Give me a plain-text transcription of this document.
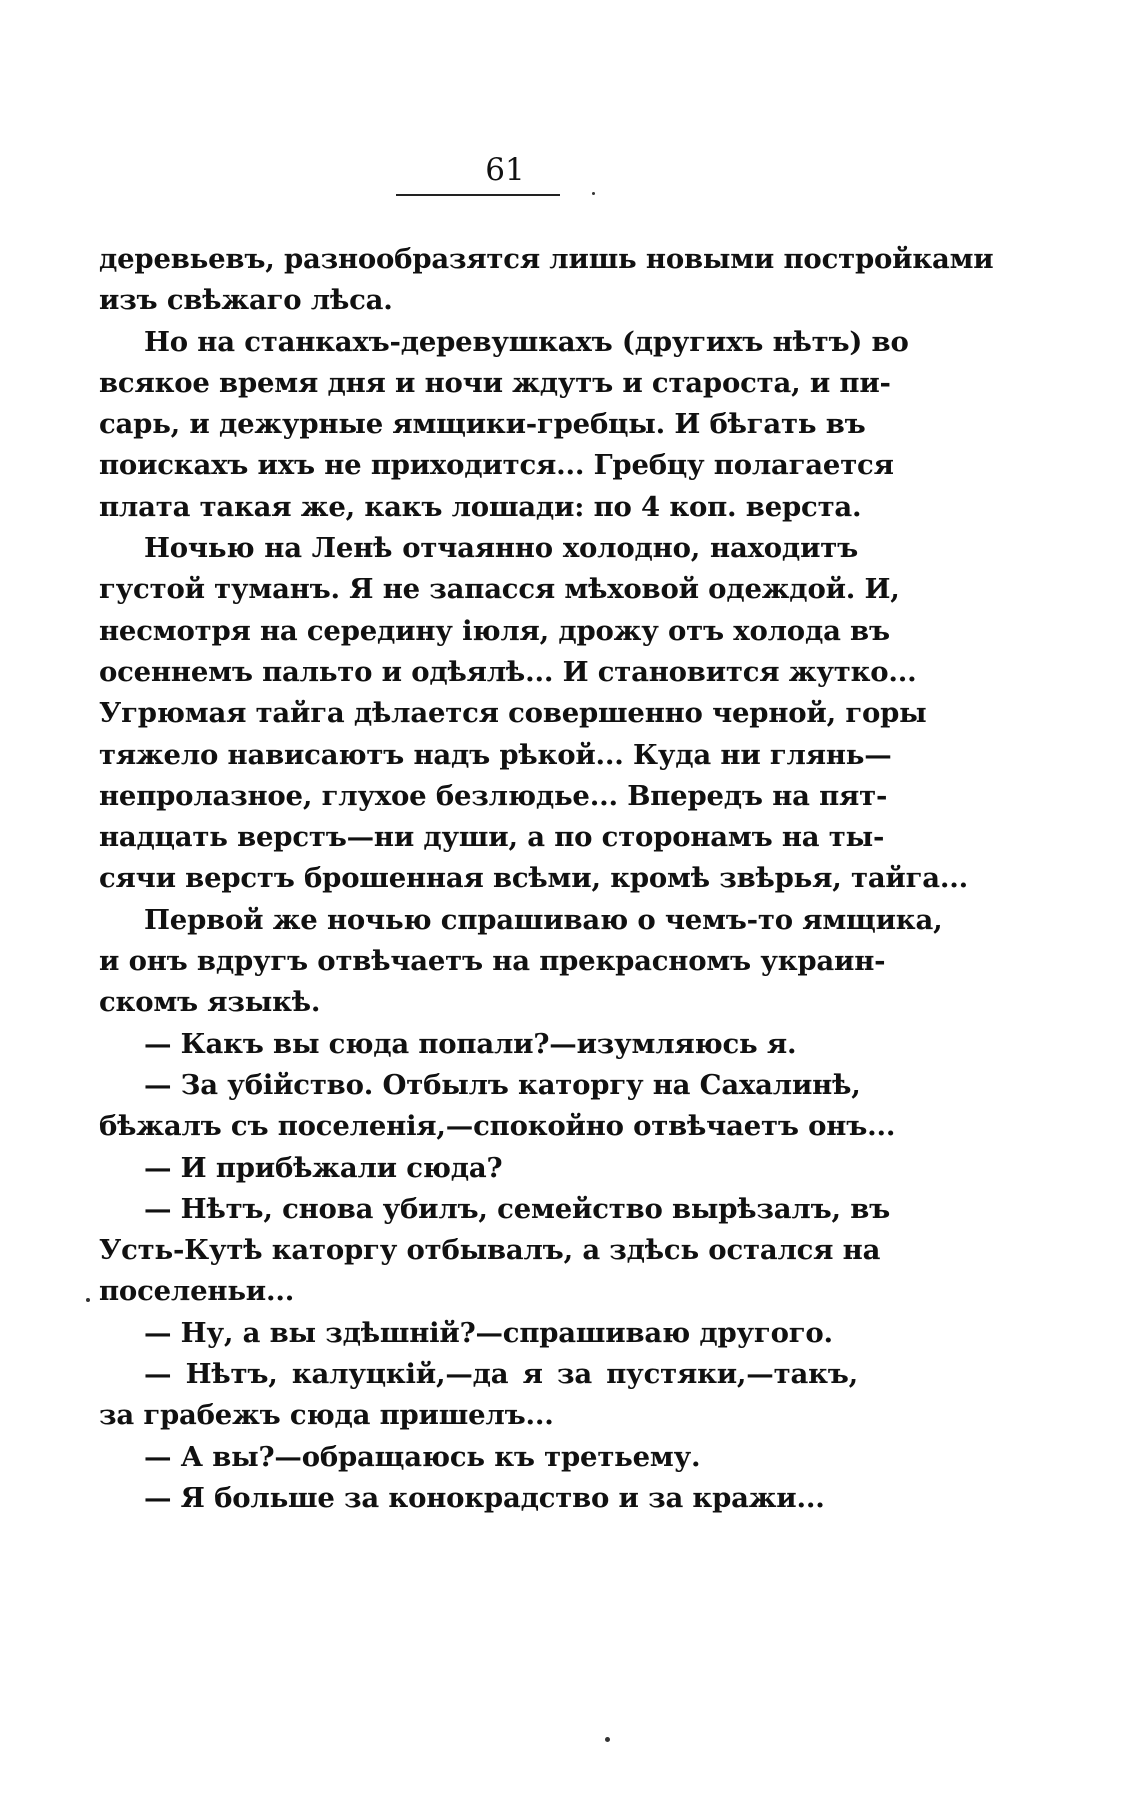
61
деревьевъ, разнообразятся лишь новыми постройками
изъ свѣжаго лѣса.
Но на станкахъ-деревушкахъ (другихъ нѣтъ) во
всякое время дня и ночи ждутъ и староста, и пи-
сарь, и дежурные ямщики-гребцы. И бѣгать въ
поискахъ ихъ не приходится... Гребцу полагается
плата такая же, какъ лошади: по 4 коп. верста.
Ночью на Ленѣ отчаянно холодно, находитъ
густой туманъ. Я не запасся мѣховой одеждой. И,
несмотря на середину іюля, дрожу отъ холода въ
осеннемъ пальто и одѣялѣ... И становится жутко...
Угрюмая тайга дѣлается совершенно черной, горы
тяжело нависаютъ надъ рѣкой... Куда ни глянь—
непролазное, глухое безлюдье... Впередъ на пят-
надцать верстъ—ни души, а по сторонамъ на ты-
сячи верстъ брошенная всѣми, кромѣ звѣрья, тайга...
Первой же ночью спрашиваю о чемъ-то ямщика,
и онъ вдругъ отвѣчаетъ на прекрасномъ украин-
скомъ языкѣ.
— Какъ вы сюда попали?—изумляюсь я.
— За убійство. Отбылъ каторгу на Сахалинѣ,
бѣжалъ съ поселенія,—спокойно отвѣчаетъ онъ...
— И прибѣжали сюда?
— Нѣтъ, снова убилъ, семейство вырѣзалъ, въ
Усть-Кутѣ каторгу отбывалъ, а здѣсь остался на
поселеньи...
— Ну, а вы здѣшній?—спрашиваю другого.
— Нѣтъ, калуцкій,—да я за пустяки,—такъ,
за грабежъ сюда пришелъ...
— А вы?—обращаюсь къ третьему.
— Я больше за конокрадство и за кражи...
